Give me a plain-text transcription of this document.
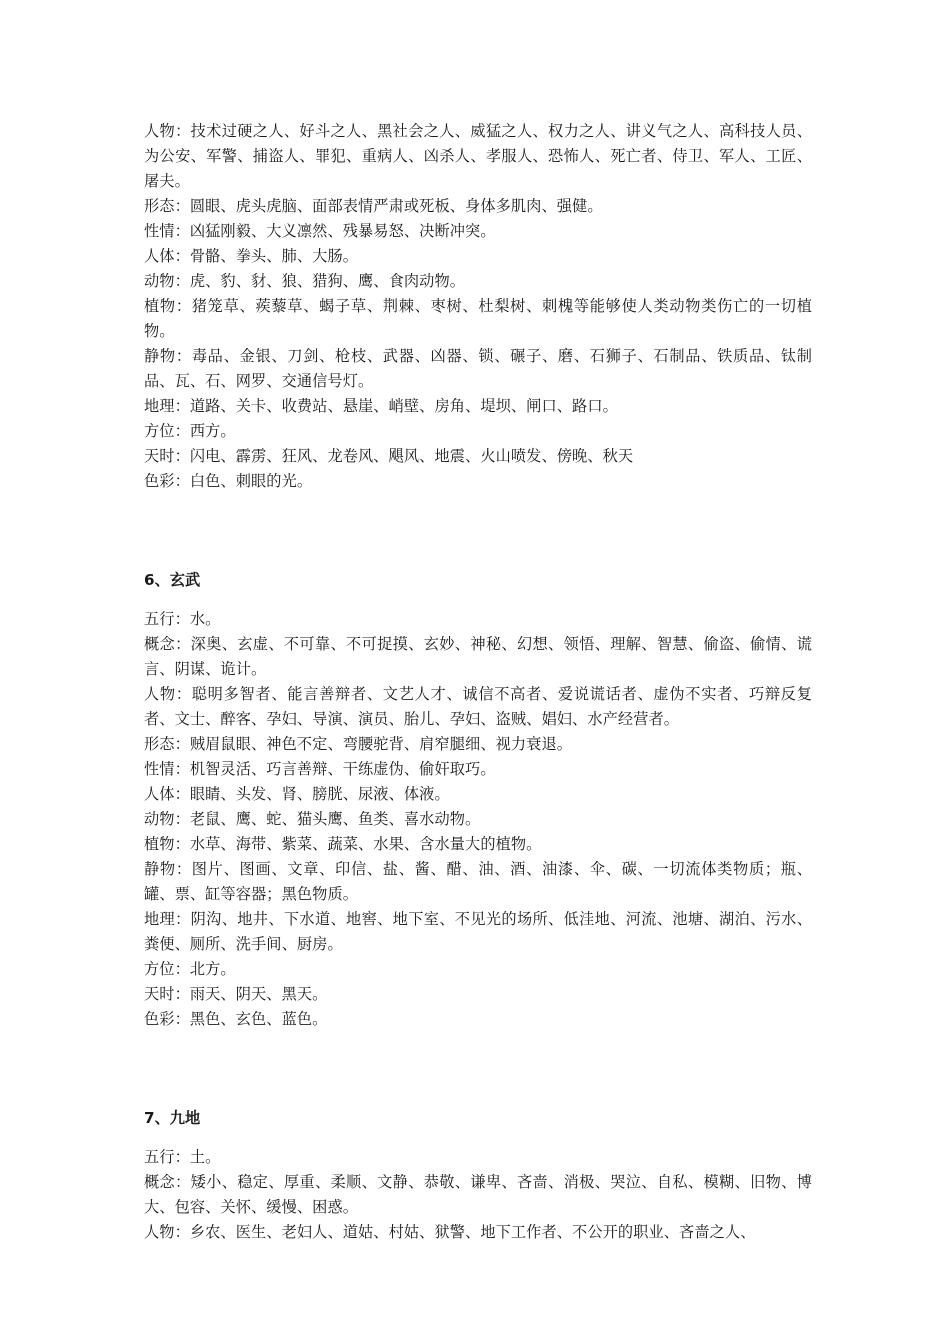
人物：技术过硬之人、好斗之人、黑社会之人、威猛之人、权力之人、讲义气之人、高科技人员、为公安、军警、捕盗人、罪犯、重病人、凶杀人、孝服人、恐怖人、死亡者、侍卫、军人、工匠、屠夫。

形态：圆眼、虎头虎脑、面部表情严肃或死板、身体多肌肉、强健。

性情：凶猛刚毅、大义凛然、残暴易怒、决断冲突。

人体：骨骼、拳头、肺、大肠。

动物：虎、豹、豺、狼、猎狗、鹰、食肉动物。

植物：猪笼草、蒺藜草、蝎子草、荆棘、枣树、杜梨树、刺槐等能够使人类动物类伤亡的一切植物。

静物：毒品、金银、刀剑、枪枝、武器、凶器、锁、碾子、磨、石狮子、石制品、铁质品、钛制品、瓦、石、网罗、交通信号灯。

地理：道路、关卡、收费站、悬崖、峭壁、房角、堤坝、闸口、路口。

方位：西方。

天时：闪电、霹雳、狂风、龙卷风、飓风、地震、火山喷发、傍晚、秋天

色彩：白色、刺眼的光。

6、玄武

五行：水。

概念：深奥、玄虚、不可靠、不可捉摸、玄妙、神秘、幻想、领悟、理解、智慧、偷盗、偷情、谎言、阴谋、诡计。

人物：聪明多智者、能言善辩者、文艺人才、诚信不高者、爱说谎话者、虚伪不实者、巧辩反复者、文士、醉客、孕妇、导演、演员、胎儿、孕妇、盗贼、娼妇、水产经营者。

形态：贼眉鼠眼、神色不定、弯腰驼背、肩窄腿细、视力衰退。

性情：机智灵活、巧言善辩、干练虚伪、偷奸取巧。

人体：眼睛、头发、肾、膀胱、尿液、体液。

动物：老鼠、鹰、蛇、猫头鹰、鱼类、喜水动物。

植物：水草、海带、紫菜、蔬菜、水果、含水量大的植物。

静物：图片、图画、文章、印信、盐、酱、醋、油、酒、油漆、伞、碳、一切流体类物质；瓶、罐、票、缸等容器；黑色物质。

地理：阴沟、地井、下水道、地窖、地下室、不见光的场所、低洼地、河流、池塘、湖泊、污水、粪便、厕所、洗手间、厨房。

方位：北方。

天时：雨天、阴天、黑天。

色彩：黑色、玄色、蓝色。

7、九地

五行：土。

概念：矮小、稳定、厚重、柔顺、文静、恭敬、谦卑、吝啬、消极、哭泣、自私、模糊、旧物、博大、包容、关怀、缓慢、困惑。

人物：乡农、医生、老妇人、道姑、村姑、狱警、地下工作者、不公开的职业、吝啬之人、
